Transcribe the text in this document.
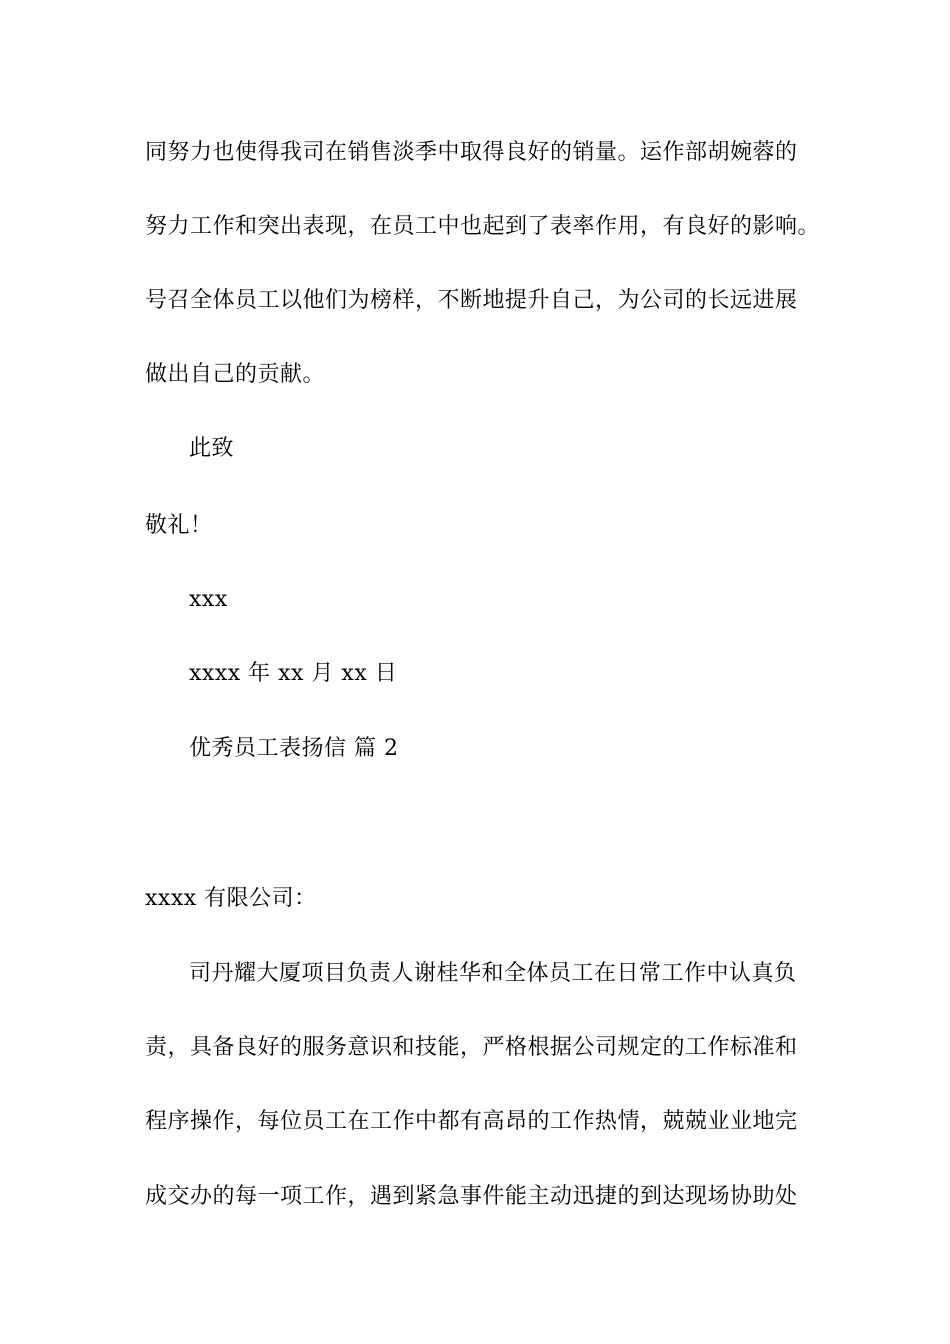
同努力也使得我司在销售淡季中取得良好的销量。运作部胡婉蓉的
努力工作和突出表现，在员工中也起到了表率作用，有良好的影响。
号召全体员工以他们为榜样，不断地提升自己，为公司的长远进展
做出自己的贡献。
此致
敬礼！
xxx
xxxx 年 xx 月 xx 日
优秀员工表扬信 篇 2
xxxx 有限公司：
司丹耀大厦项目负责人谢桂华和全体员工在日常工作中认真负
责，具备良好的服务意识和技能，严格根据公司规定的工作标准和
程序操作，每位员工在工作中都有高昂的工作热情，兢兢业业地完
成交办的每一项工作，遇到紧急事件能主动迅捷的到达现场协助处
